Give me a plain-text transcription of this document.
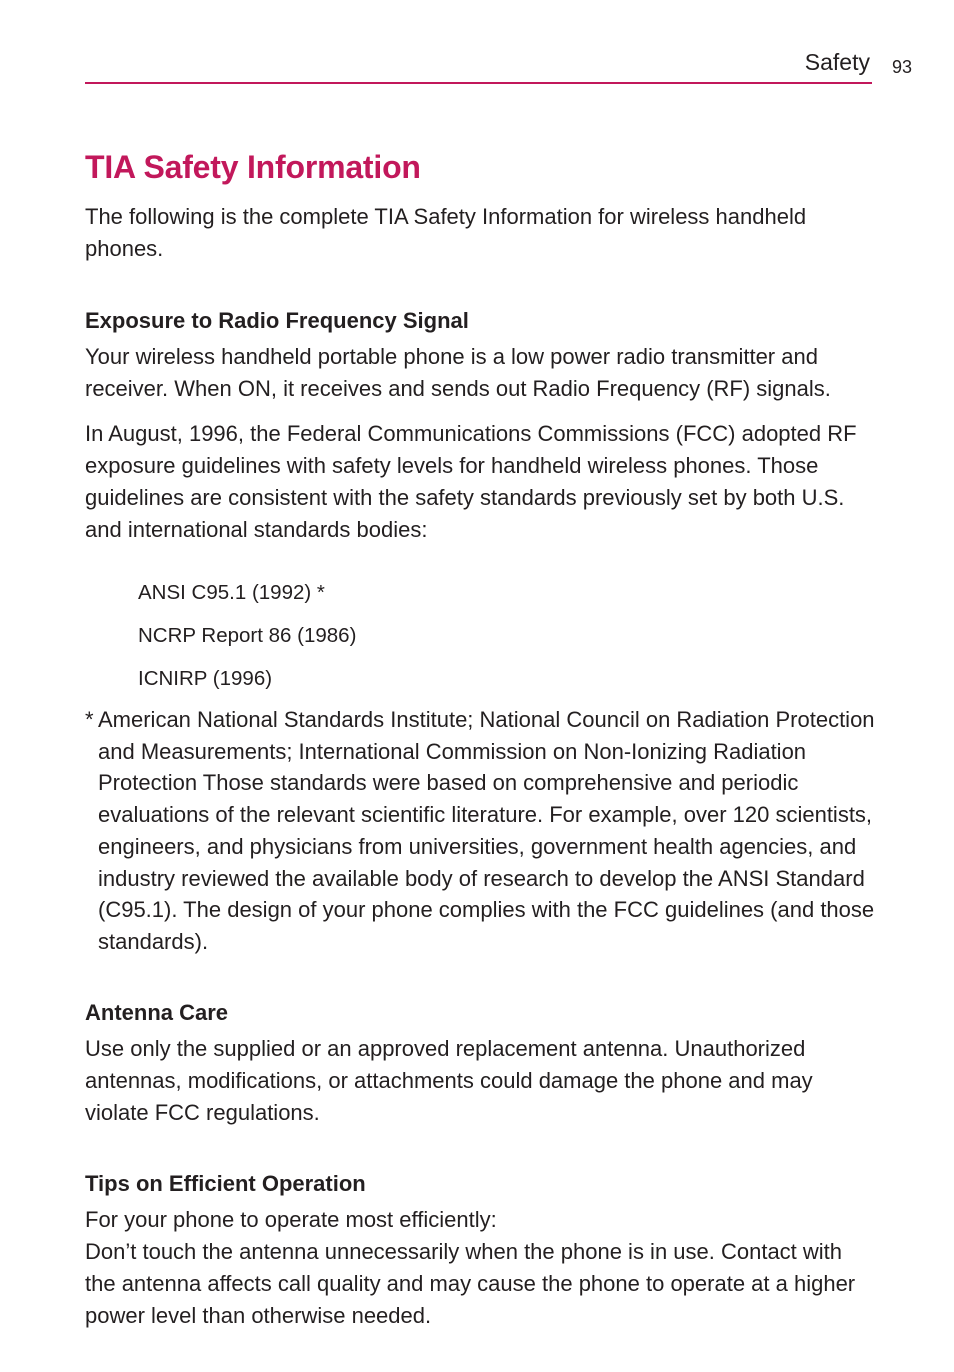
Safety 93
TIA Safety Information

The following is the complete TIA Safety Information for wireless handheld phones.

Exposure to Radio Frequency Signal

Your wireless handheld portable phone is a low power radio transmitter and receiver. When ON, it receives and sends out Radio Frequency (RF) signals.

In August, 1996, the Federal Communications Commissions (FCC) adopted RF exposure guidelines with safety levels for handheld wireless phones. Those guidelines are consistent with the safety standards previously set by both U.S. and international standards bodies:

ANSI C95.1 (1992) *
NCRP Report 86 (1986)
ICNIRP (1996)
* American National Standards Institute; National Council on Radiation Protection and Measurements; International Commission on Non-Ionizing Radiation Protection Those standards were based on comprehensive and periodic evaluations of the relevant scientific literature. For example, over 120 scientists, engineers, and physicians from universities, government health agencies, and industry reviewed the available body of research to develop the ANSI Standard (C95.1). The design of your phone complies with the FCC guidelines (and those standards).
Antenna Care

Use only the supplied or an approved replacement antenna. Unauthorized antennas, modifications, or attachments could damage the phone and may violate FCC regulations.

Tips on Efficient Operation

For your phone to operate most efficiently:

Don’t touch the antenna unnecessarily when the phone is in use. Contact with the antenna affects call quality and may cause the phone to operate at a higher power level than otherwise needed.
